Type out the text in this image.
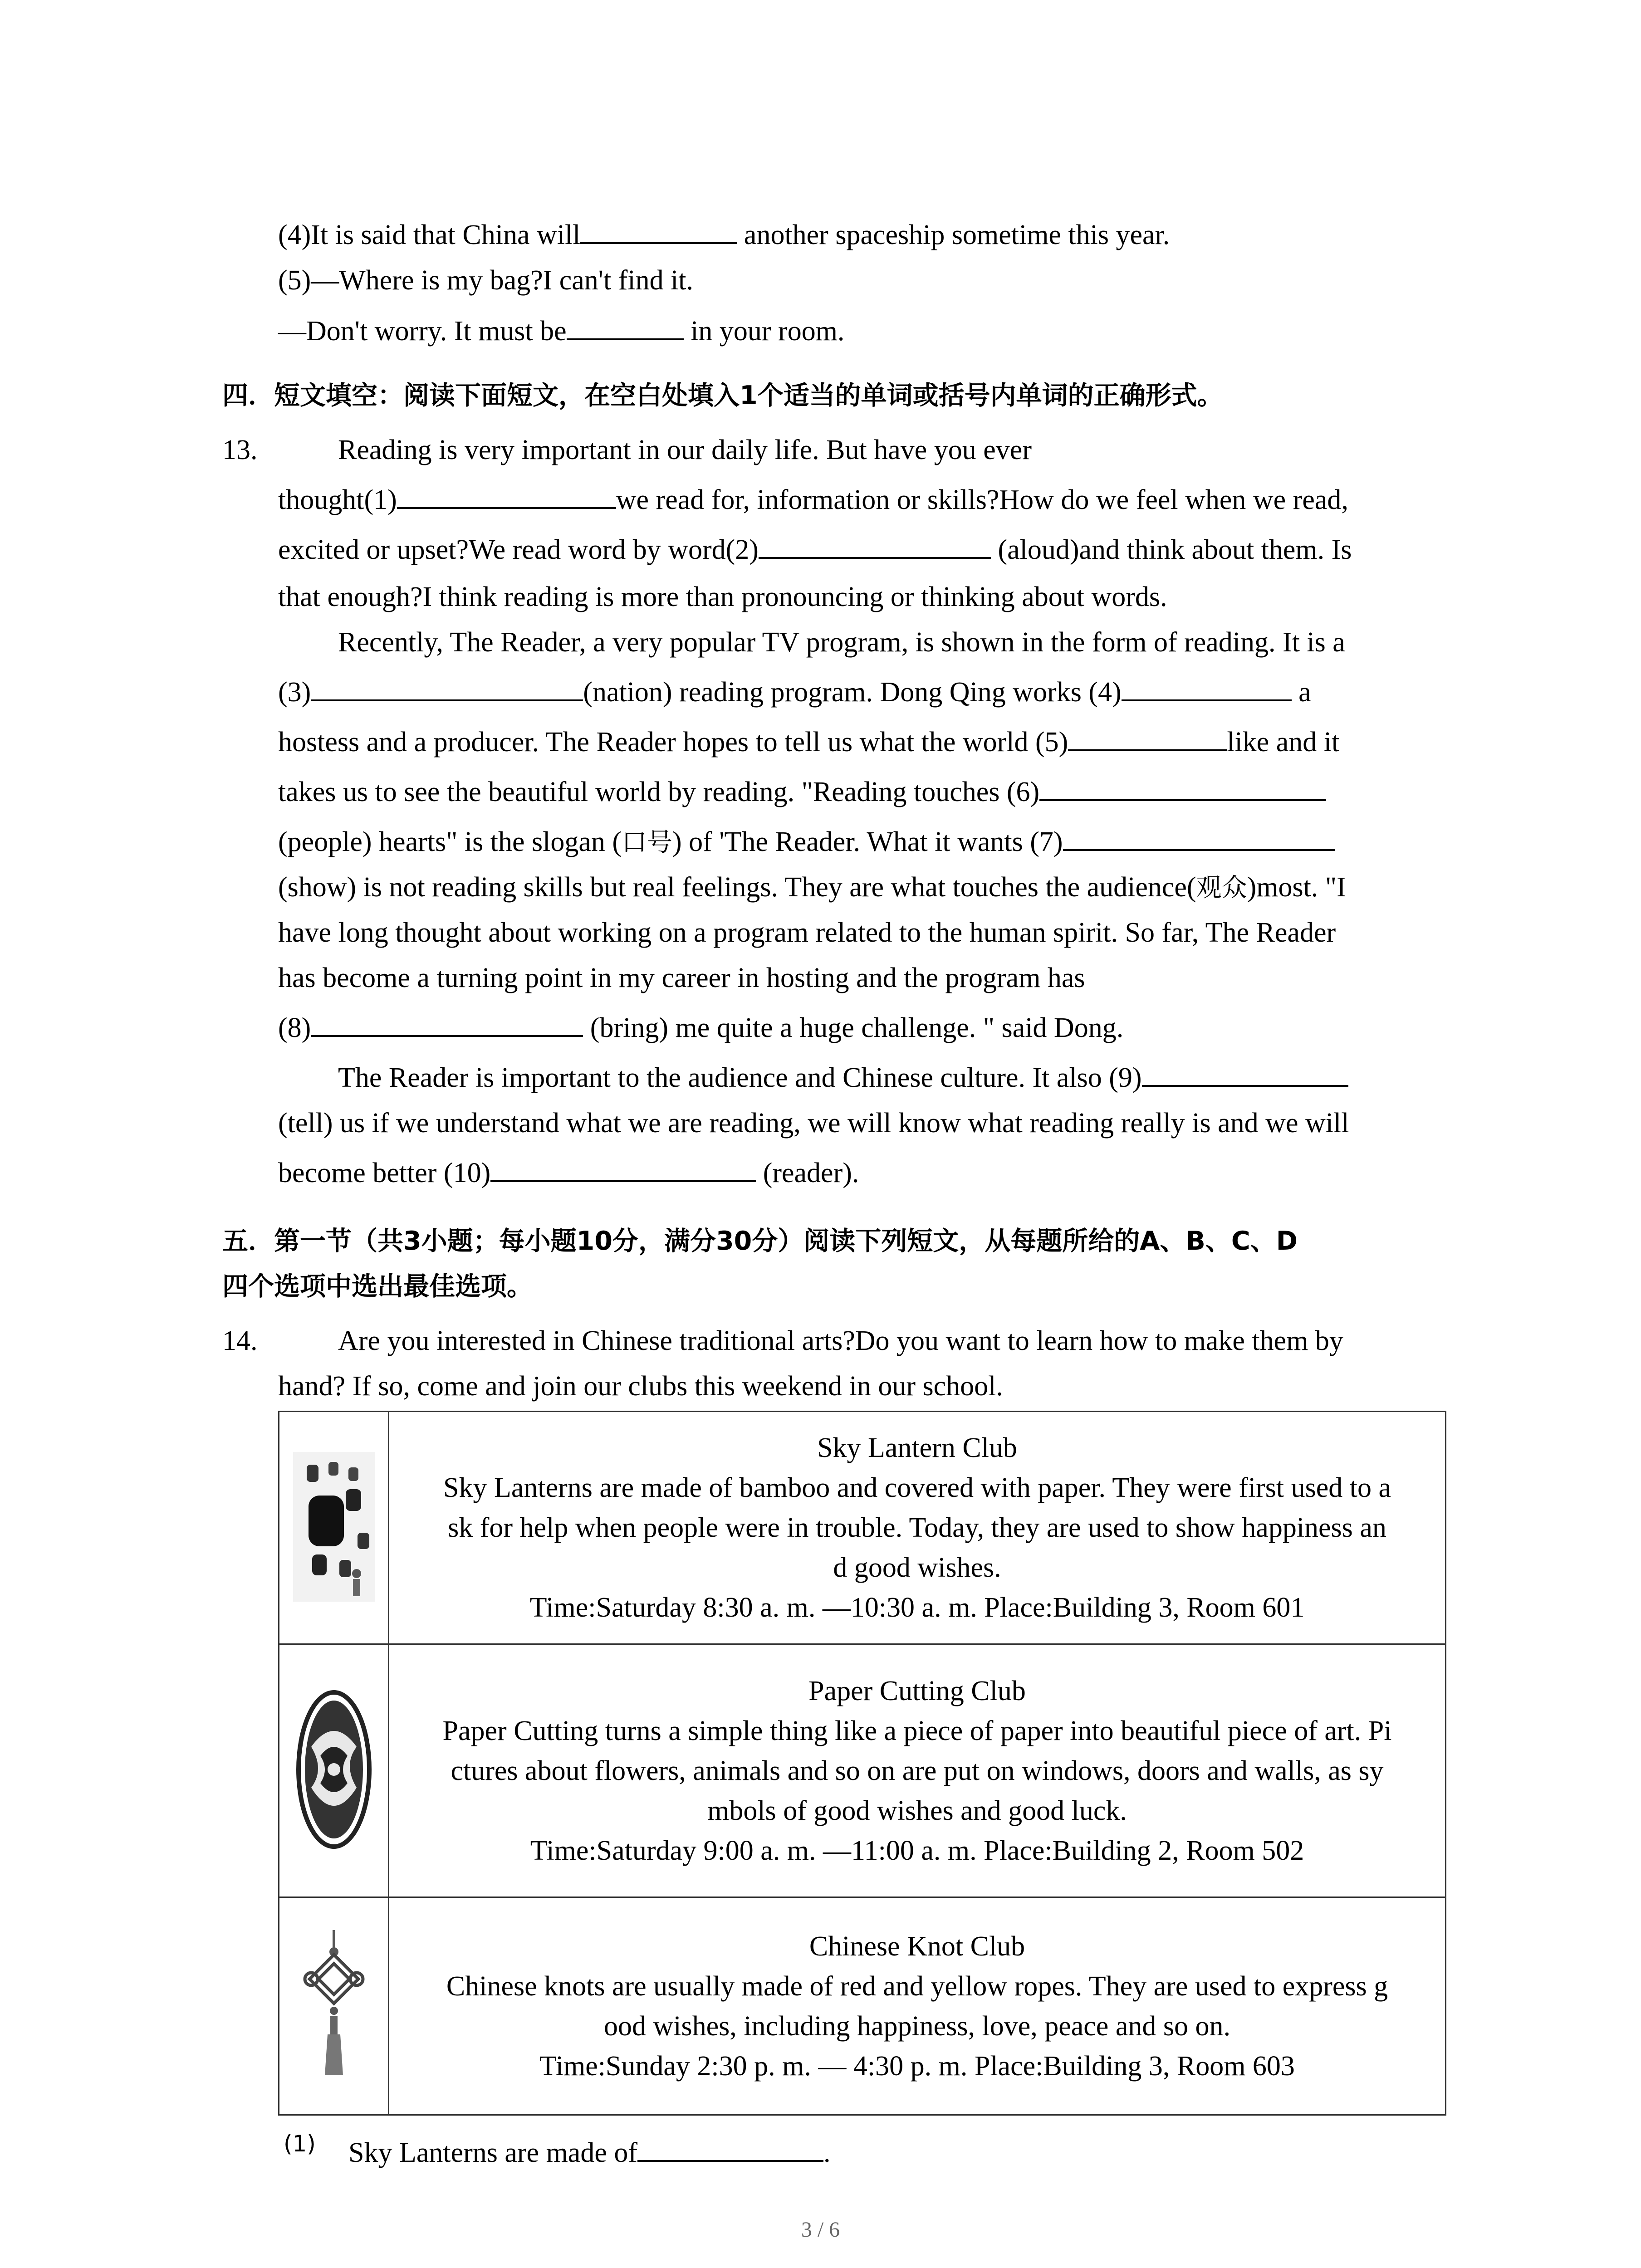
(4)It is said that China will	another spaceship sometime this year.
(5)—Where is my bag?I can't find it.
—Don't worry. It must be	in your room.
四．短文填空：阅读下面短文，在空白处填入1个适当的单词或括号内单词的正确形式。
13.	Reading is very important in our daily life. But have you ever
thought(1)	we read for, information or skills?How do we feel when we read,
excited or upset?We read word by word(2)	(aloud)and think about them. Is
that enough?I think reading is more than pronouncing or thinking about words.
Recently, The Reader, a very popular TV program, is shown in the form of reading. It is a
(3)	(nation) reading program. Dong Qing works (4)	a
hostess and a producer. The Reader hopes to tell us what the world (5)	like and it
takes us to see the beautiful world by reading. "Reading touches (6)
(people) hearts" is the slogan (口号) of 'The Reader. What it wants (7)
(show) is not reading skills but real feelings. They are what touches the audience(观众)most. "I
have long thought about working on a program related to the human spirit. So far, The Reader
has become a turning point in my career in hosting and the program has
(8)	(bring) me quite a huge challenge. " said Dong.
The Reader is important to the audience and Chinese culture. It also (9)
(tell) us if we understand what we are reading, we will know what reading really is and we will
become better (10)	(reader).
五．第一节（共3小题；每小题10分，满分30分）阅读下列短文，从每题所给的A、B、C、D
四个选项中选出最佳选项。
14.	Are you interested in Chinese traditional arts?Do you want to learn how to make them by
hand? If so, come and join our clubs this weekend in our school.

Sky Lantern Club
Sky Lanterns are made of bamboo and covered with paper. They were first used to a
sk for help when people were in trouble. Today, they are used to show happiness an
d good wishes.
Time:Saturday 8:30 a. m. —10:30 a. m. Place:Building 3, Room 601

Paper Cutting Club
Paper Cutting turns a simple thing like a piece of paper into beautiful piece of art. Pi
ctures about flowers, animals and so on are put on windows, doors and walls, as sy
mbols of good wishes and good luck.
Time:Saturday 9:00 a. m. —11:00 a. m. Place:Building 2, Room 502

Chinese Knot Club
Chinese knots are usually made of red and yellow ropes. They are used to express g
ood wishes, including happiness, love, peace and so on.
Time:Sunday 2:30 p. m. — 4:30 p. m. Place:Building 3, Room 603
(1) Sky Lanterns are made of	.
3 / 6
